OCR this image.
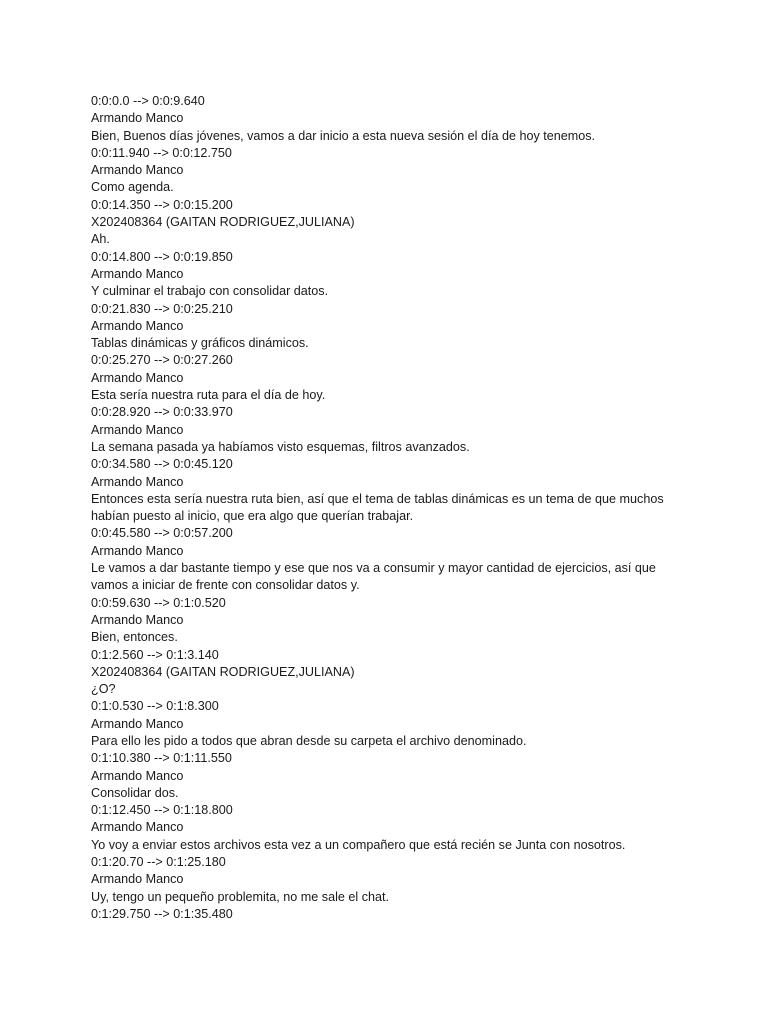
0:0:0.0 --> 0:0:9.640
Armando Manco
Bien, Buenos días jóvenes, vamos a dar inicio a esta nueva sesión el día de hoy tenemos.
0:0:11.940 --> 0:0:12.750
Armando Manco
Como agenda.
0:0:14.350 --> 0:0:15.200
X202408364 (GAITAN RODRIGUEZ,JULIANA)
Ah.
0:0:14.800 --> 0:0:19.850
Armando Manco
Y culminar el trabajo con consolidar datos.
0:0:21.830 --> 0:0:25.210
Armando Manco
Tablas dinámicas y gráficos dinámicos.
0:0:25.270 --> 0:0:27.260
Armando Manco
Esta sería nuestra ruta para el día de hoy.
0:0:28.920 --> 0:0:33.970
Armando Manco
La semana pasada ya habíamos visto esquemas, filtros avanzados.
0:0:34.580 --> 0:0:45.120
Armando Manco
Entonces esta sería nuestra ruta bien, así que el tema de tablas dinámicas es un tema de que muchos habían puesto al inicio, que era algo que querían trabajar.
0:0:45.580 --> 0:0:57.200
Armando Manco
Le vamos a dar bastante tiempo y ese que nos va a consumir y mayor cantidad de ejercicios, así que vamos a iniciar de frente con consolidar datos y.
0:0:59.630 --> 0:1:0.520
Armando Manco
Bien, entonces.
0:1:2.560 --> 0:1:3.140
X202408364 (GAITAN RODRIGUEZ,JULIANA)
¿O?
0:1:0.530 --> 0:1:8.300
Armando Manco
Para ello les pido a todos que abran desde su carpeta el archivo denominado.
0:1:10.380 --> 0:1:11.550
Armando Manco
Consolidar dos.
0:1:12.450 --> 0:1:18.800
Armando Manco
Yo voy a enviar estos archivos esta vez a un compañero que está recién se Junta con nosotros.
0:1:20.70 --> 0:1:25.180
Armando Manco
Uy, tengo un pequeño problemita, no me sale el chat.
0:1:29.750 --> 0:1:35.480
